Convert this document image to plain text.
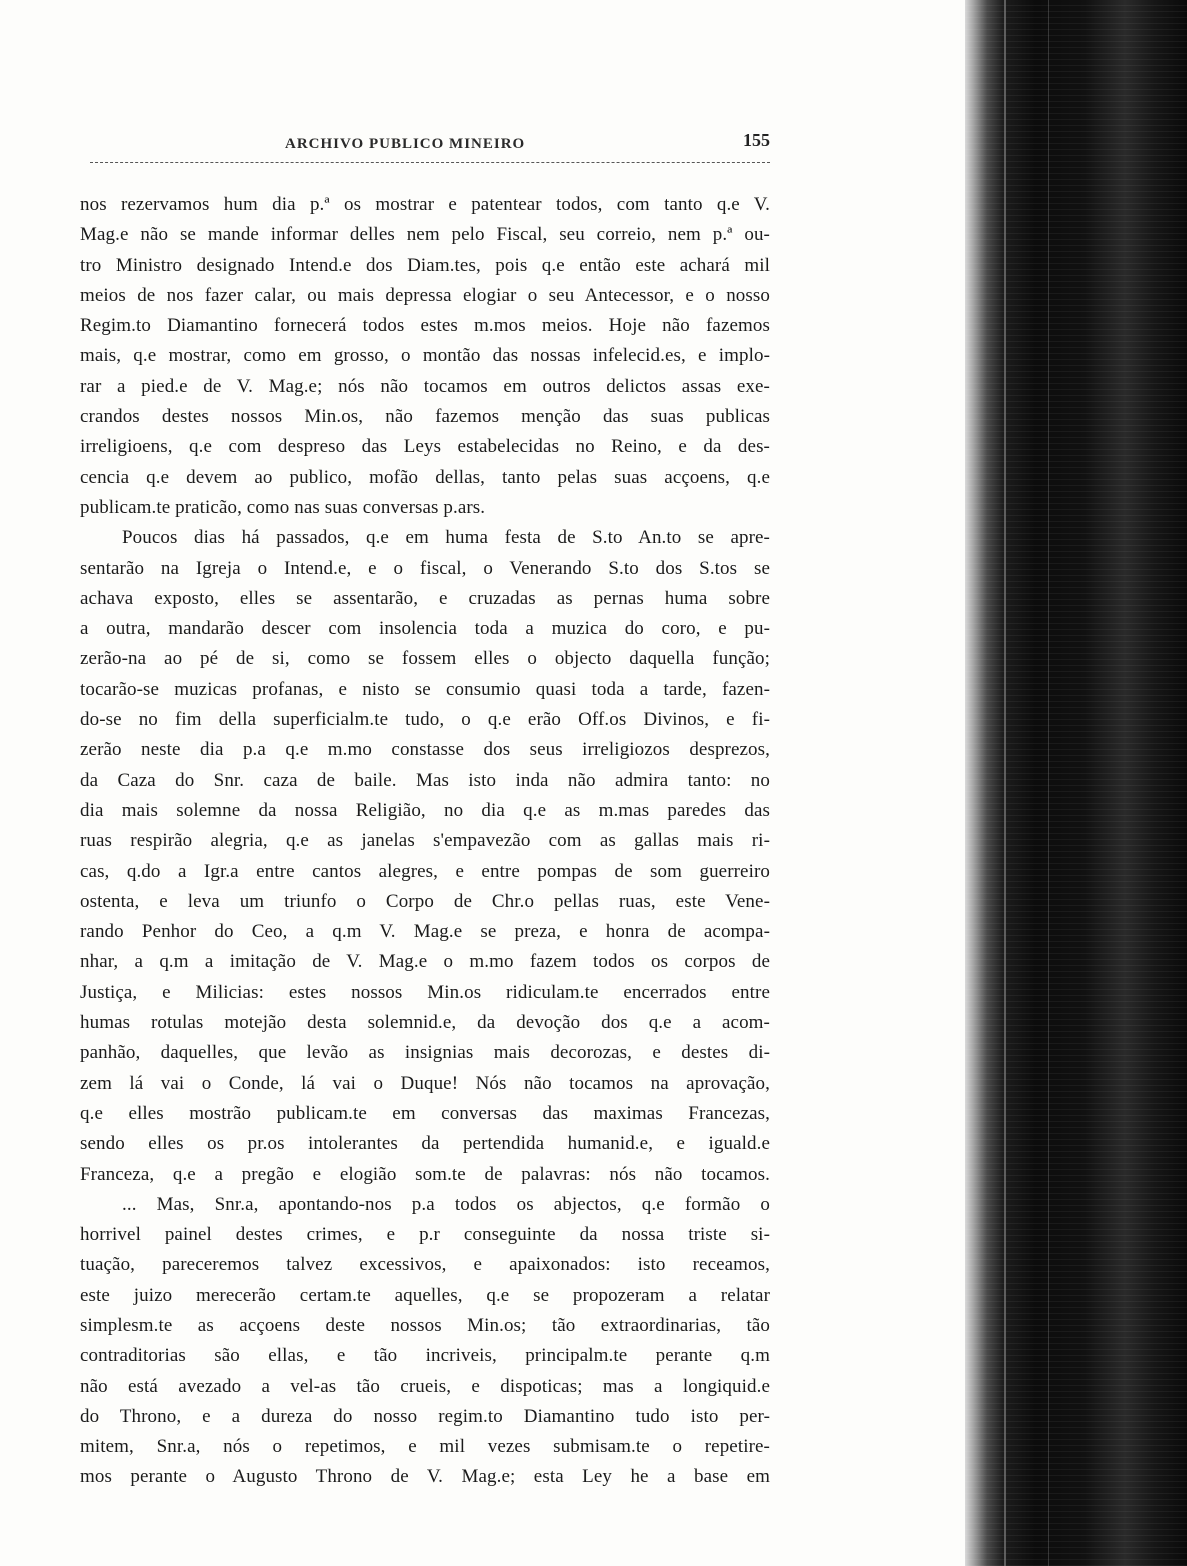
ARCHIVO PUBLICO MINEIRO	155
nos rezervamos hum dia p.ª os mostrar e patentear todos, com tanto q.e V.
Mag.e não se mande informar delles nem pelo Fiscal, seu correio, nem p.ª ou-
tro Ministro designado Intend.e dos Diam.tes, pois q.e então este achará mil
meios de nos fazer calar, ou mais depressa elogiar o seu Antecessor, e o nosso
Regim.to Diamantino fornecerá todos estes m.mos meios. Hoje não fazemos
mais, q.e mostrar, como em grosso, o montão das nossas infelecid.es, e implo-
rar a pied.e de V. Mag.e; nós não tocamos em outros delictos assas exe-
crandos destes nossos Min.os, não fazemos menção das suas publicas
irreligioens, q.e com despreso das Leys estabelecidas no Reino, e da des-
cencia q.e devem ao publico, mofão dellas, tanto pelas suas acçoens, q.e
publicam.te praticão, como nas suas conversas p.ars.
Poucos dias há passados, q.e em huma festa de S.to An.to se apre-
sentarão na Igreja o Intend.e, e o fiscal, o Venerando S.to dos S.tos se
achava exposto, elles se assentarão, e cruzadas as pernas huma sobre
a outra, mandarão descer com insolencia toda a muzica do coro, e pu-
zerão-na ao pé de si, como se fossem elles o objecto daquella função;
tocarão-se muzicas profanas, e nisto se consumio quasi toda a tarde, fazen-
do-se no fim della superficialm.te tudo, o q.e erão Off.os Divinos, e fi-
zerão neste dia p.a q.e m.mo constasse dos seus irreligiozos desprezos,
da Caza do Snr. caza de baile. Mas isto inda não admira tanto: no
dia mais solemne da nossa Religião, no dia q.e as m.mas paredes das
ruas respirão alegria, q.e as janelas s'empavezão com as gallas mais ri-
cas, q.do a Igr.a entre cantos alegres, e entre pompas de som guerreiro
ostenta, e leva um triunfo o Corpo de Chr.o pellas ruas, este Vene-
rando Penhor do Ceo, a q.m V. Mag.e se preza, e honra de acompa-
nhar, a q.m a imitação de V. Mag.e o m.mo fazem todos os corpos de
Justiça, e Milicias: estes nossos Min.os ridiculam.te encerrados entre
humas rotulas motejão desta solemnid.e, da devoção dos q.e a acom-
panhão, daquelles, que levão as insignias mais decorozas, e destes di-
zem lá vai o Conde, lá vai o Duque! Nós não tocamos na aprovação,
q.e elles mostrão publicam.te em conversas das maximas Francezas,
sendo elles os pr.os intolerantes da pertendida humanid.e, e iguald.e
Franceza, q.e a pregão e elogião som.te de palavras: nós não tocamos.
... Mas, Snr.a, apontando-nos p.a todos os abjectos, q.e formão o
horrivel painel destes crimes, e p.r conseguinte da nossa triste si-
tuação, pareceremos talvez excessivos, e apaixonados: isto receamos,
este juizo merecerão certam.te aquelles, q.e se propozeram a relatar
simplesm.te as acçoens deste nossos Min.os; tão extraordinarias, tão
contraditorias são ellas, e tão incriveis, principalm.te perante q.m
não está avezado a vel-as tão crueis, e dispoticas; mas a longiquid.e
do Throno, e a dureza do nosso regim.to Diamantino tudo isto per-
mitem, Snr.a, nós o repetimos, e mil vezes submisam.te o repetire-
mos perante o Augusto Throno de V. Mag.e; esta Ley he a base em
